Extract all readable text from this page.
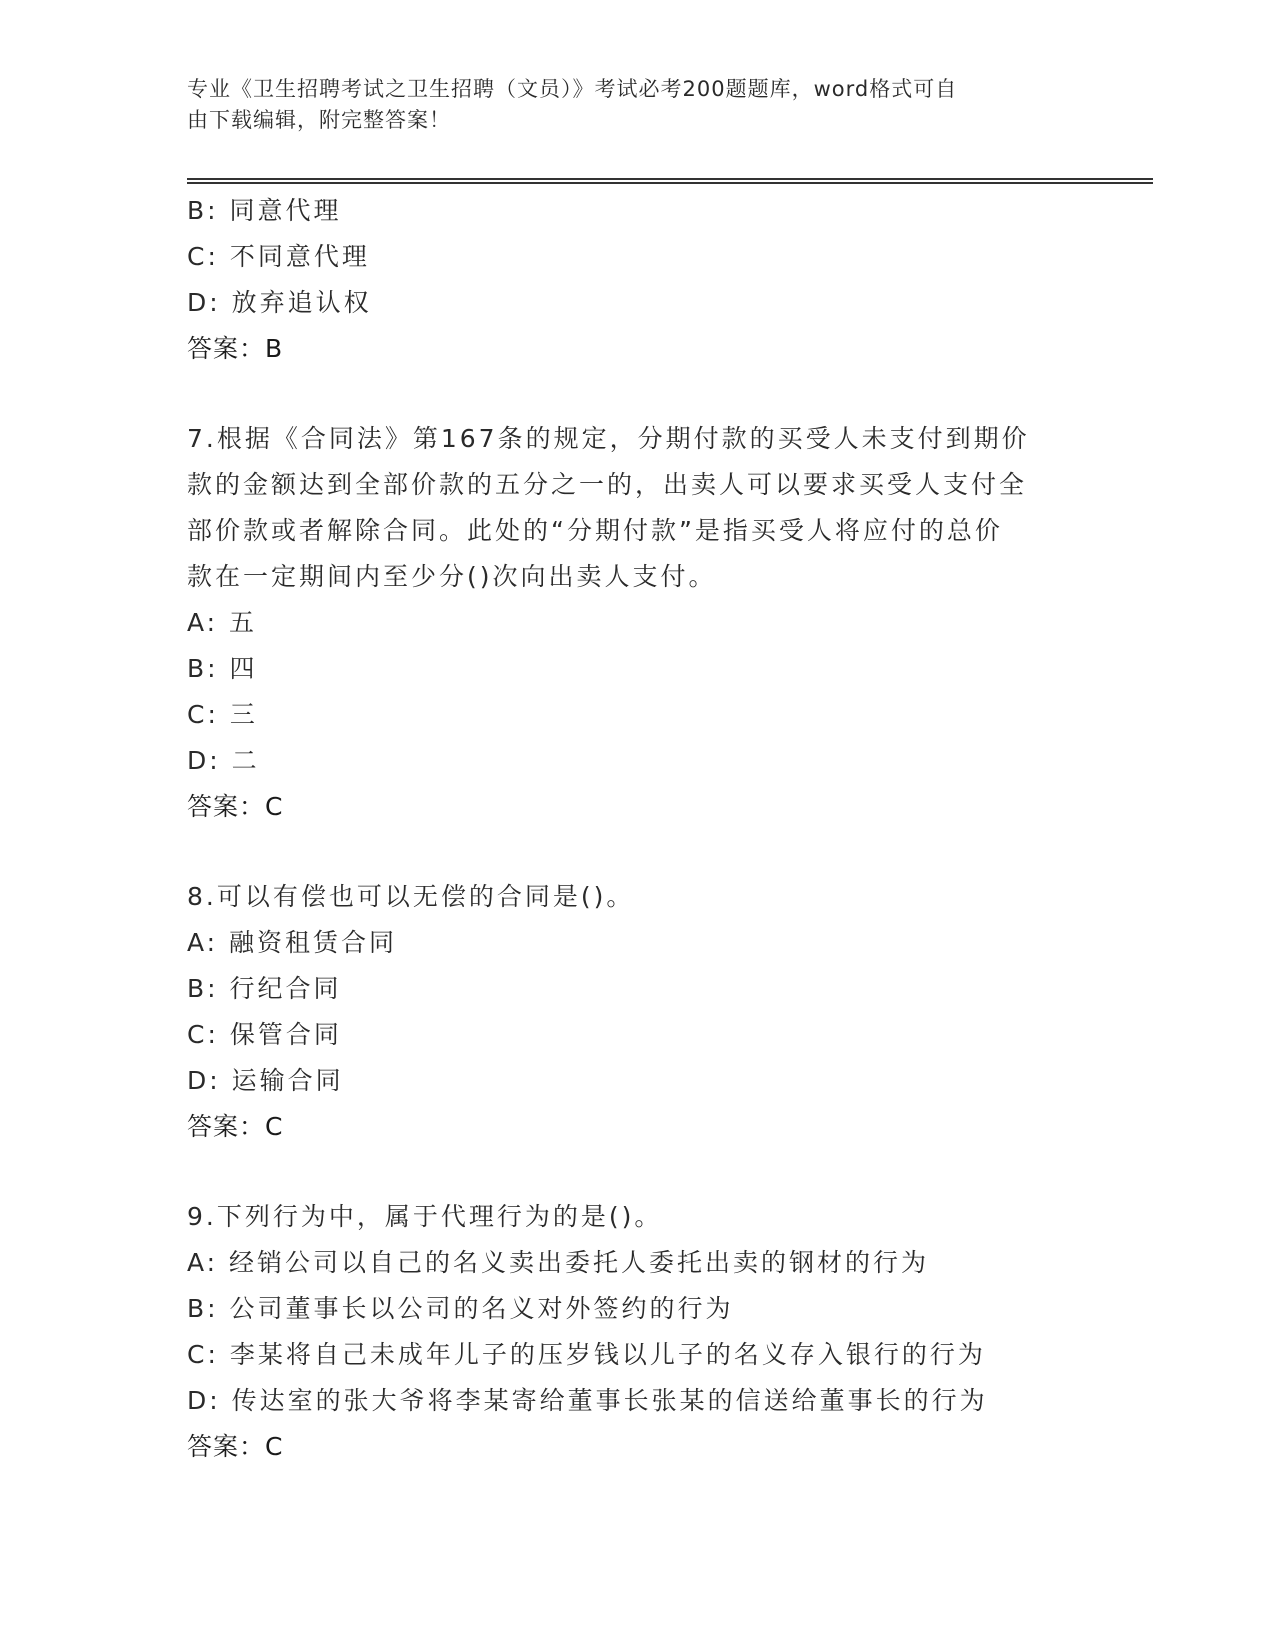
专业《卫生招聘考试之卫生招聘（文员）》考试必考200题题库，word格式可自
由下载编辑，附完整答案！
B: 同意代理
C: 不同意代理
D: 放弃追认权
答案：B
7.根据《合同法》第167条的规定，分期付款的买受人未支付到期价
款的金额达到全部价款的五分之一的，出卖人可以要求买受人支付全
部价款或者解除合同。此处的“分期付款”是指买受人将应付的总价
款在一定期间内至少分()次向出卖人支付。
A: 五
B: 四
C: 三
D: 二
答案：C
8.可以有偿也可以无偿的合同是()。
A: 融资租赁合同
B: 行纪合同
C: 保管合同
D: 运输合同
答案：C
9.下列行为中，属于代理行为的是()。
A: 经销公司以自己的名义卖出委托人委托出卖的钢材的行为
B: 公司董事长以公司的名义对外签约的行为
C: 李某将自己未成年儿子的压岁钱以儿子的名义存入银行的行为
D: 传达室的张大爷将李某寄给董事长张某的信送给董事长的行为
答案：C
